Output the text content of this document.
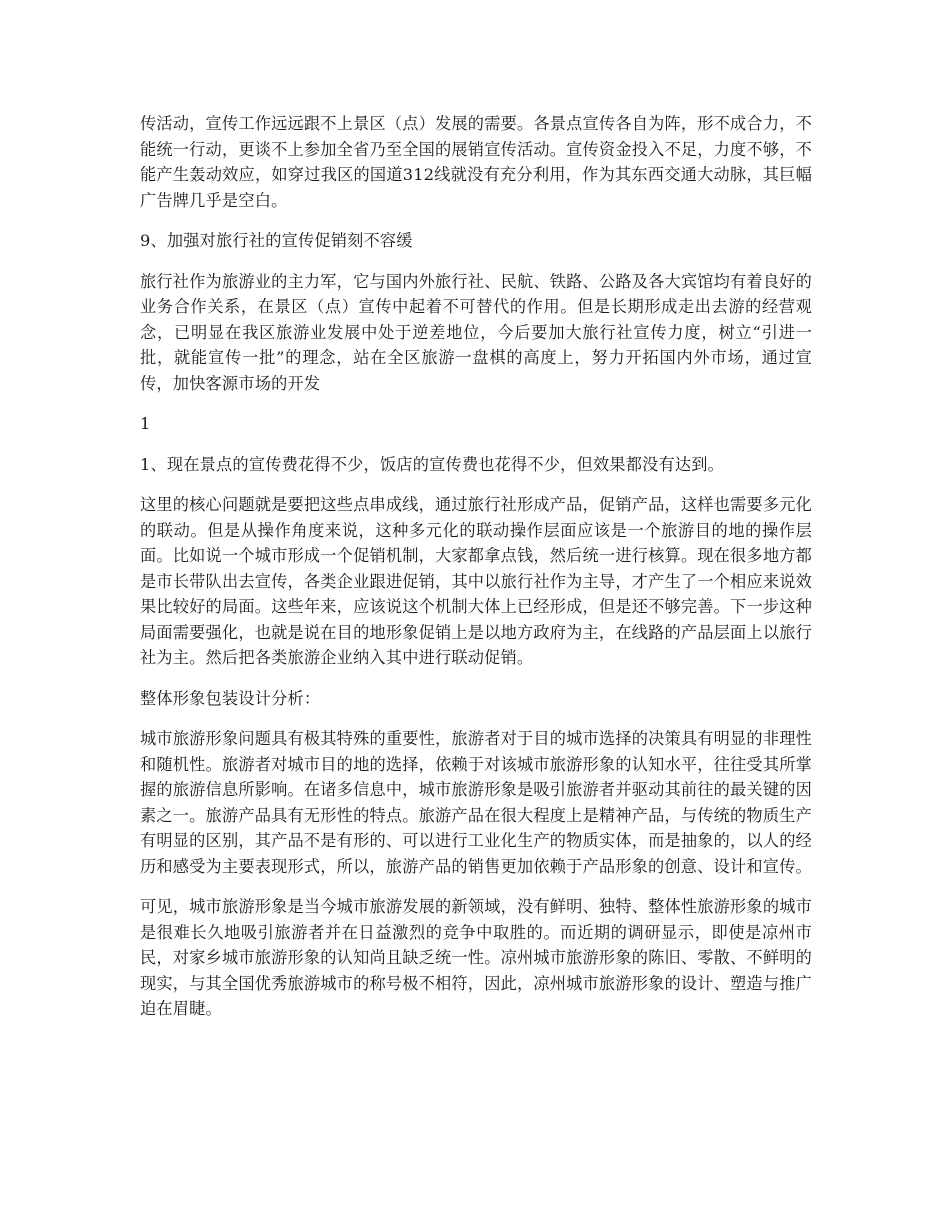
传活动，宣传工作远远跟不上景区（点）发展的需要。各景点宣传各自为阵，形不成合力，不能统一行动，更谈不上参加全省乃至全国的展销宣传活动。宣传资金投入不足，力度不够，不能产生轰动效应，如穿过我区的国道312线就没有充分利用，作为其东西交通大动脉，其巨幅广告牌几乎是空白。

9、加强对旅行社的宣传促销刻不容缓

旅行社作为旅游业的主力军，它与国内外旅行社、民航、铁路、公路及各大宾馆均有着良好的业务合作关系，在景区（点）宣传中起着不可替代的作用。但是长期形成走出去游的经营观念，已明显在我区旅游业发展中处于逆差地位，今后要加大旅行社宣传力度，树立“引进一批，就能宣传一批”的理念，站在全区旅游一盘棋的高度上，努力开拓国内外市场，通过宣传，加快客源市场的开发

1

1、现在景点的宣传费花得不少，饭店的宣传费也花得不少，但效果都没有达到。

这里的核心问题就是要把这些点串成线，通过旅行社形成产品，促销产品，这样也需要多元化的联动。但是从操作角度来说，这种多元化的联动操作层面应该是一个旅游目的地的操作层面。比如说一个城市形成一个促销机制，大家都拿点钱，然后统一进行核算。现在很多地方都是市长带队出去宣传，各类企业跟进促销，其中以旅行社作为主导，才产生了一个相应来说效果比较好的局面。这些年来，应该说这个机制大体上已经形成，但是还不够完善。下一步这种局面需要强化，也就是说在目的地形象促销上是以地方政府为主，在线路的产品层面上以旅行社为主。然后把各类旅游企业纳入其中进行联动促销。

整体形象包装设计分析：

城市旅游形象问题具有极其特殊的重要性，旅游者对于目的城市选择的决策具有明显的非理性和随机性。旅游者对城市目的地的选择，依赖于对该城市旅游形象的认知水平，往往受其所掌握的旅游信息所影响。在诸多信息中，城市旅游形象是吸引旅游者并驱动其前往的最关键的因素之一。旅游产品具有无形性的特点。旅游产品在很大程度上是精神产品，与传统的物质生产有明显的区别，其产品不是有形的、可以进行工业化生产的物质实体，而是抽象的，以人的经历和感受为主要表现形式，所以，旅游产品的销售更加依赖于产品形象的创意、设计和宣传。

可见，城市旅游形象是当今城市旅游发展的新领域，没有鲜明、独特、整体性旅游形象的城市是很难长久地吸引旅游者并在日益激烈的竞争中取胜的。而近期的调研显示，即使是凉州市民，对家乡城市旅游形象的认知尚且缺乏统一性。凉州城市旅游形象的陈旧、零散、不鲜明的现实，与其全国优秀旅游城市的称号极不相符，因此，凉州城市旅游形象的设计、塑造与推广迫在眉睫。
